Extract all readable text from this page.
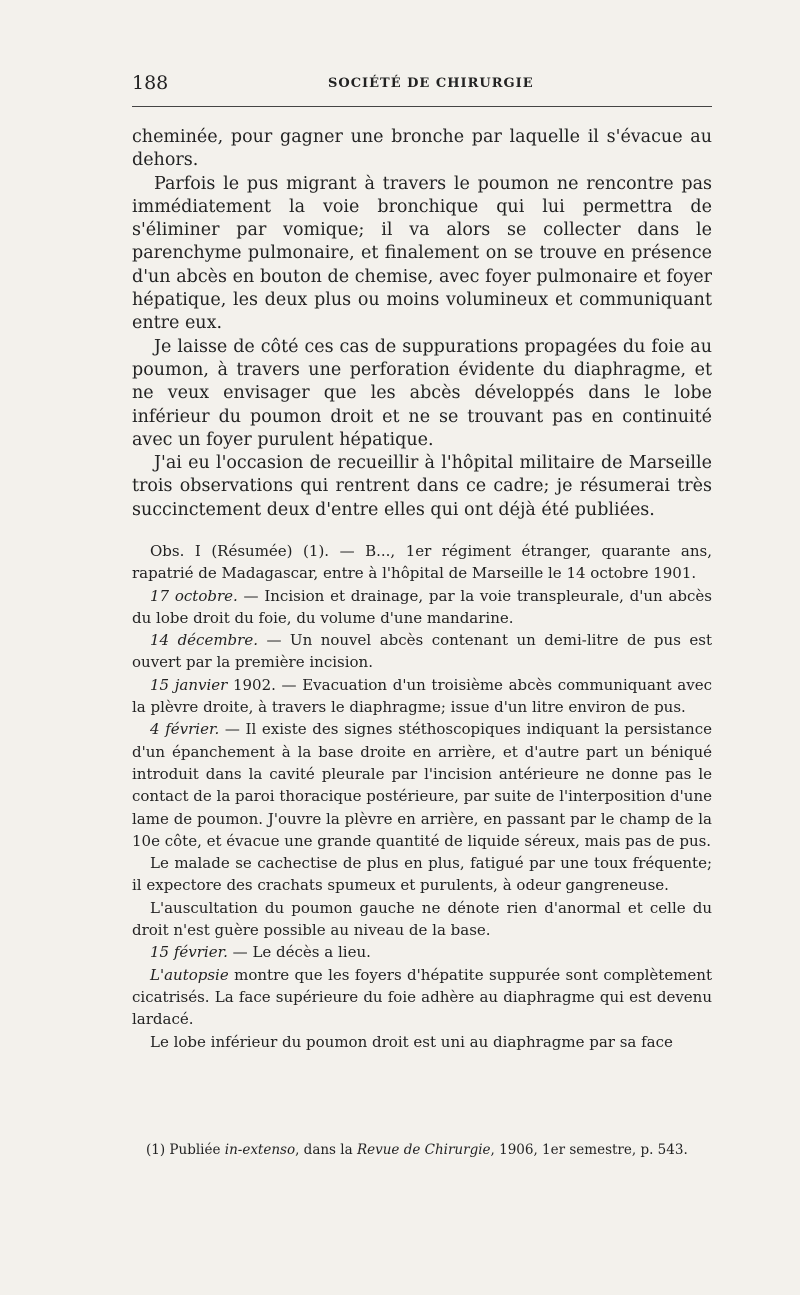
188	SOCIÉTÉ DE CHIRURGIE

cheminée, pour gagner une bronche par laquelle il s'évacue au dehors.

Parfois le pus migrant à travers le poumon ne rencontre pas immédiatement la voie bronchique qui lui permettra de s'éliminer par vomique; il va alors se collecter dans le parenchyme pulmonaire, et finalement on se trouve en présence d'un abcès en bouton de chemise, avec foyer pulmonaire et foyer hépatique, les deux plus ou moins volumineux et communiquant entre eux.

Je laisse de côté ces cas de suppurations propagées du foie au poumon, à travers une perforation évidente du diaphragme, et ne veux envisager que les abcès développés dans le lobe inférieur du poumon droit et ne se trouvant pas en continuité avec un foyer purulent hépatique.

J'ai eu l'occasion de recueillir à l'hôpital militaire de Marseille trois observations qui rentrent dans ce cadre; je résumerai très succinctement deux d'entre elles qui ont déjà été publiées.

Obs. I (Résumée) (1). — B..., 1er régiment étranger, quarante ans, rapatrié de Madagascar, entre à l'hôpital de Marseille le 14 octobre 1901.

17 octobre. — Incision et drainage, par la voie transpleurale, d'un abcès du lobe droit du foie, du volume d'une mandarine.

14 décembre. — Un nouvel abcès contenant un demi-litre de pus est ouvert par la première incision.

15 janvier 1902. — Evacuation d'un troisième abcès communiquant avec la plèvre droite, à travers le diaphragme; issue d'un litre environ de pus.

4 février. — Il existe des signes stéthoscopiques indiquant la persistance d'un épanchement à la base droite en arrière, et d'autre part un béniqué introduit dans la cavité pleurale par l'incision antérieure ne donne pas le contact de la paroi thoracique postérieure, par suite de l'interposition d'une lame de poumon. J'ouvre la plèvre en arrière, en passant par le champ de la 10e côte, et évacue une grande quantité de liquide séreux, mais pas de pus.

Le malade se cachectise de plus en plus, fatigué par une toux fréquente; il expectore des crachats spumeux et purulents, à odeur gangreneuse.

L'auscultation du poumon gauche ne dénote rien d'anormal et celle du droit n'est guère possible au niveau de la base.

15 février. — Le décès a lieu.

L'autopsie montre que les foyers d'hépatite suppurée sont complètement cicatrisés. La face supérieure du foie adhère au diaphragme qui est devenu lardacé.

Le lobe inférieur du poumon droit est uni au diaphragme par sa face

(1) Publiée in-extenso, dans la Revue de Chirurgie, 1906, 1er semestre, p. 543.
